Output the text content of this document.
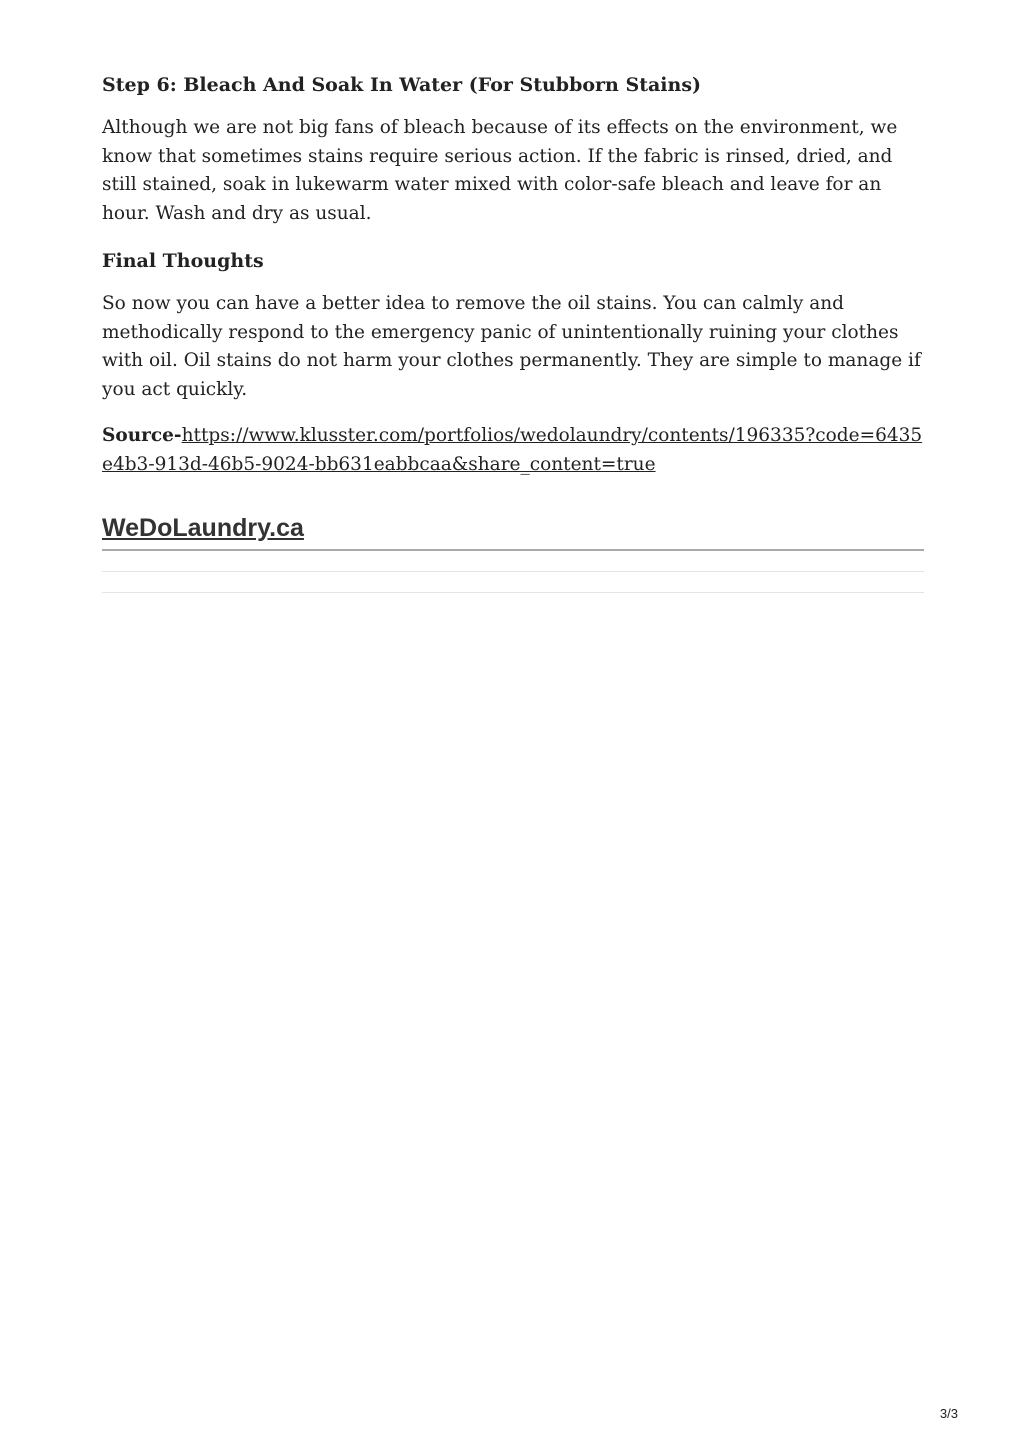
Step 6: Bleach And Soak In Water (For Stubborn Stains)

Although we are not big fans of bleach because of its effects on the environment, we know that sometimes stains require serious action. If the fabric is rinsed, dried, and still stained, soak in lukewarm water mixed with color-safe bleach and leave for an hour. Wash and dry as usual.

Final Thoughts

So now you can have a better idea to remove the oil stains. You can calmly and methodically respond to the emergency panic of unintentionally ruining your clothes with oil. Oil stains do not harm your clothes permanently. They are simple to manage if you act quickly.

Source-https://www.klusster.com/portfolios/wedolaundry/contents/196335?code=6435e4b3-913d-46b5-9024-bb631eabbcaa&share_content=true

WeDoLaundry.ca
3/3
